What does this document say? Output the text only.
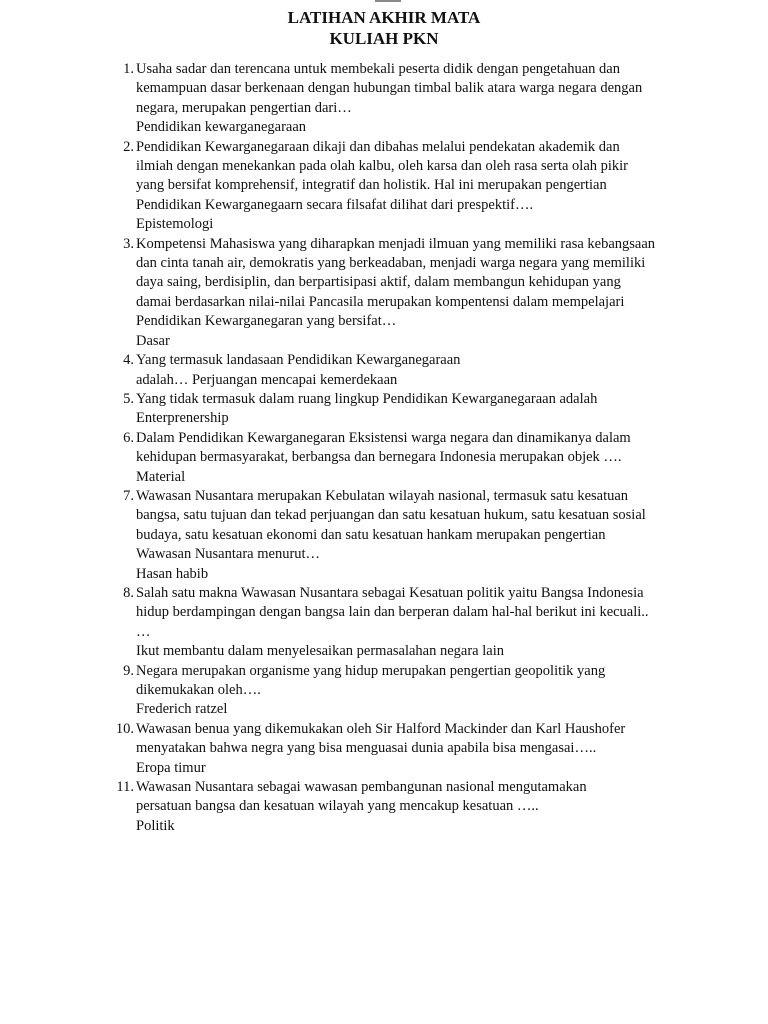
LATIHAN AKHIR MATA
KULIAH PKN
1. Usaha sadar dan terencana untuk membekali peserta didik dengan pengetahuan dan
kemampuan dasar berkenaan dengan hubungan timbal balik atara warga negara dengan
negara, merupakan pengertian dari…
Pendidikan kewarganegaraan
2. Pendidikan Kewarganegaraan dikaji dan dibahas melalui pendekatan akademik dan
ilmiah dengan menekankan pada olah kalbu, oleh karsa dan oleh rasa serta olah pikir
yang bersifat komprehensif, integratif dan holistik. Hal ini merupakan pengertian
Pendidikan Kewarganegaarn secara filsafat dilihat dari prespektif….
Epistemologi
3. Kompetensi Mahasiswa yang diharapkan menjadi ilmuan yang memiliki rasa kebangsaan
dan cinta tanah air, demokratis yang berkeadaban, menjadi warga negara yang memiliki
daya saing, berdisiplin, dan berpartisipasi aktif, dalam membangun kehidupan yang
damai berdasarkan nilai-nilai Pancasila merupakan kompentensi dalam mempelajari
Pendidikan Kewarganegaran yang bersifat…
Dasar
4. Yang termasuk landasaan Pendidikan Kewarganegaraan
adalah… Perjuangan mencapai kemerdekaan
5. Yang tidak termasuk dalam ruang lingkup Pendidikan Kewarganegaraan adalah
Enterprenership
6. Dalam Pendidikan Kewarganegaran Eksistensi warga negara dan dinamikanya dalam
kehidupan bermasyarakat, berbangsa dan bernegara Indonesia merupakan objek ….
Material
7. Wawasan Nusantara merupakan Kebulatan wilayah nasional, termasuk satu kesatuan
bangsa, satu tujuan dan tekad perjuangan dan satu kesatuan hukum, satu kesatuan sosial
budaya, satu kesatuan ekonomi dan satu kesatuan hankam merupakan pengertian
Wawasan Nusantara menurut…
Hasan habib
8. Salah satu makna Wawasan Nusantara sebagai Kesatuan politik yaitu Bangsa Indonesia
hidup berdampingan dengan bangsa lain dan berperan dalam hal-hal berikut ini kecuali..
…
Ikut membantu dalam menyelesaikan permasalahan negara lain
9. Negara merupakan organisme yang hidup merupakan pengertian geopolitik yang
dikemukakan oleh….
Frederich ratzel
10. Wawasan benua yang dikemukakan oleh Sir Halford Mackinder dan Karl Haushofer
menyatakan bahwa negra yang bisa menguasai dunia apabila bisa mengasai…..
Eropa timur
11. Wawasan Nusantara sebagai wawasan pembangunan nasional mengutamakan
persatuan bangsa dan kesatuan wilayah yang mencakup kesatuan …..
Politik
